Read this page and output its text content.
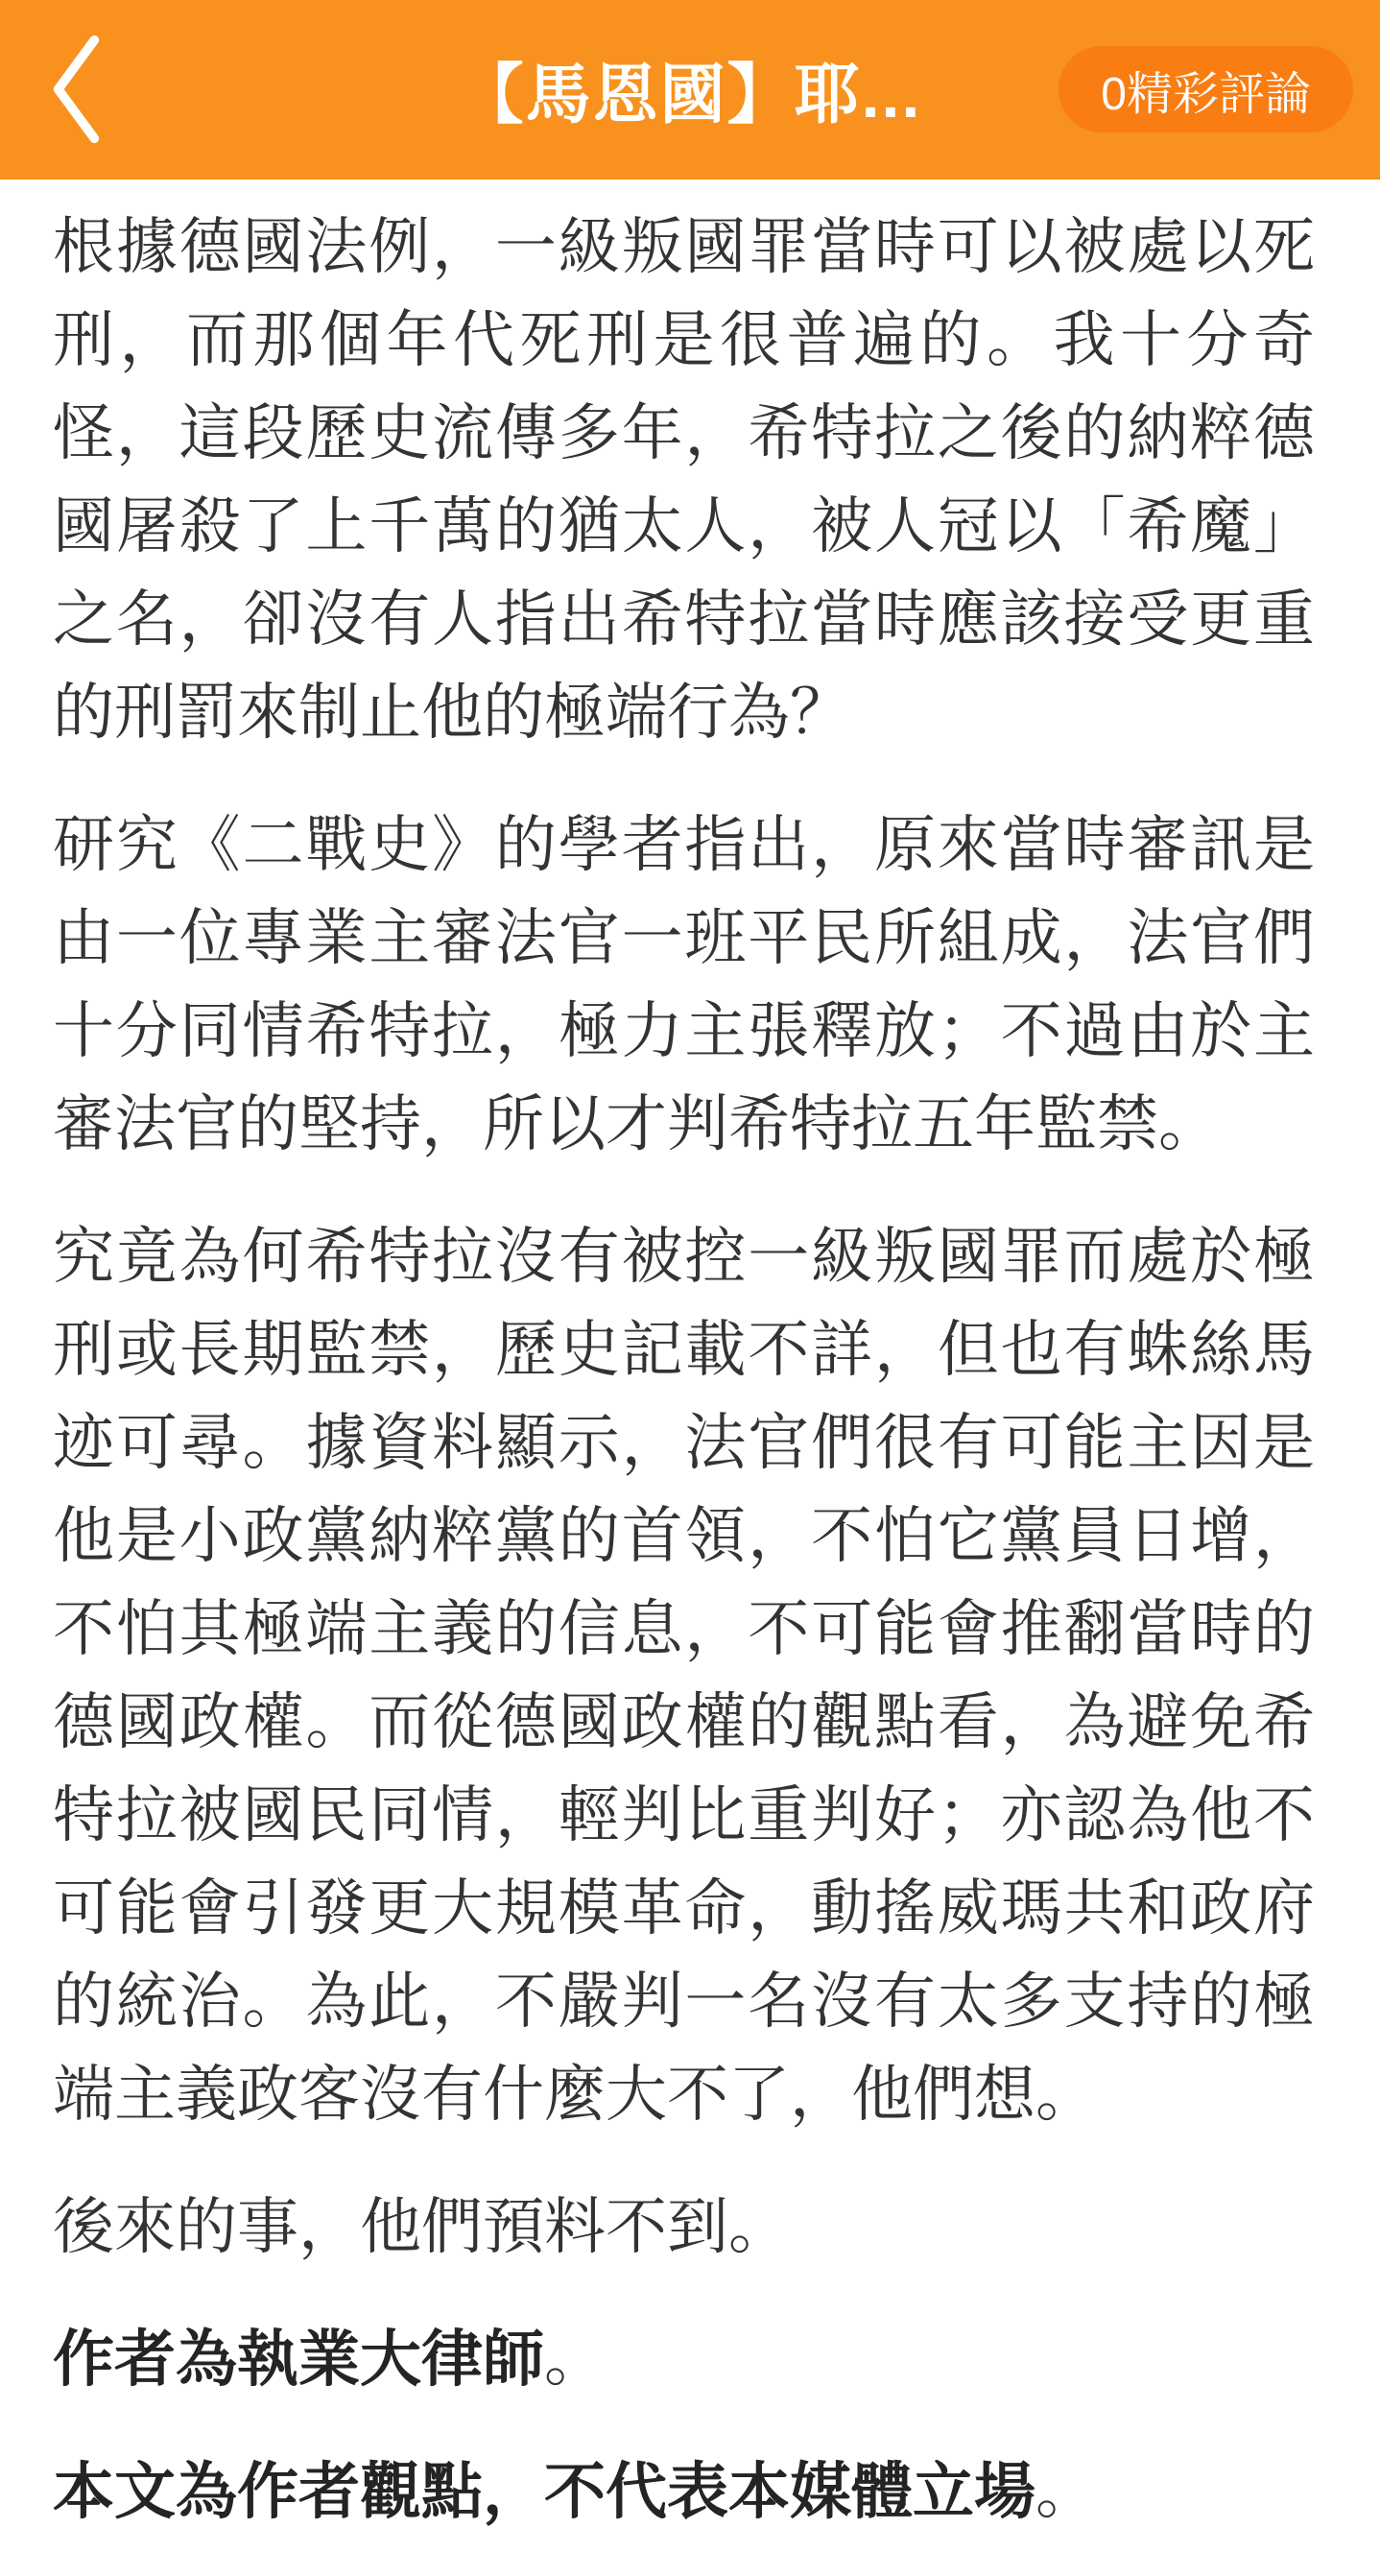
【馬恩國】耶...	0精彩評論

根據德國法例，一級叛國罪當時可以被處以死刑，而那個年代死刑是很普遍的。我十分奇怪，這段歷史流傳多年，希特拉之後的納粹德國屠殺了上千萬的猶太人，被人冠以「希魔」之名，卻沒有人指出希特拉當時應該接受更重的刑罰來制止他的極端行為？

研究《二戰史》的學者指出，原來當時審訊是由一位專業主審法官一班平民所組成，法官們十分同情希特拉，極力主張釋放；不過由於主審法官的堅持，所以才判希特拉五年監禁。

究竟為何希特拉沒有被控一級叛國罪而處於極刑或長期監禁，歷史記載不詳，但也有蛛絲馬迹可尋。據資料顯示，法官們很有可能主因是他是小政黨納粹黨的首領，不怕它黨員日增，不怕其極端主義的信息，不可能會推翻當時的德國政權。而從德國政權的觀點看，為避免希特拉被國民同情，輕判比重判好；亦認為他不可能會引發更大規模革命，動搖威瑪共和政府的統治。為此，不嚴判一名沒有太多支持的極端主義政客沒有什麼大不了，他們想。

後來的事，他們預料不到。

作者為執業大律師。

本文為作者觀點，不代表本媒體立場。
